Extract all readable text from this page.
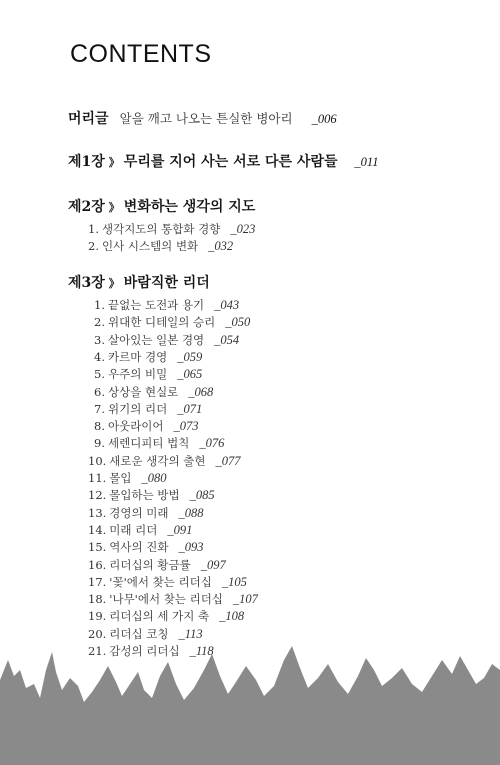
CONTENTS
머리글 알을 깨고 나오는 튼실한 병아리 _006
제1장 》 무리를 지어 사는 서로 다른 사람들 _011
제2장 》 변화하는 생각의 지도
1. 생각지도의 통합화 경향 _023
2. 인사 시스템의 변화 _032
제3장 》 바람직한 리더
1. 끝없는 도전과 용기 _043
2. 위대한 디테일의 승리 _050
3. 살아있는 일본 경영 _054
4. 카르마 경영 _059
5. 우주의 비밀 _065
6. 상상을 현실로 _068
7. 위기의 리더 _071
8. 아웃라이어 _073
9. 세렌디피티 법칙 _076
10. 새로운 생각의 출현 _077
11. 몰입 _080
12. 몰입하는 방법 _085
13. 경영의 미래 _088
14. 미래 리더 _091
15. 역사의 진화 _093
16. 리더십의 황금률 _097
17. '꽃'에서 찾는 리더십 _105
18. '나무'에서 찾는 리더십 _107
19. 리더십의 세 가지 축 _108
20. 리더십 코칭 _113
21. 감성의 리더십 _118
